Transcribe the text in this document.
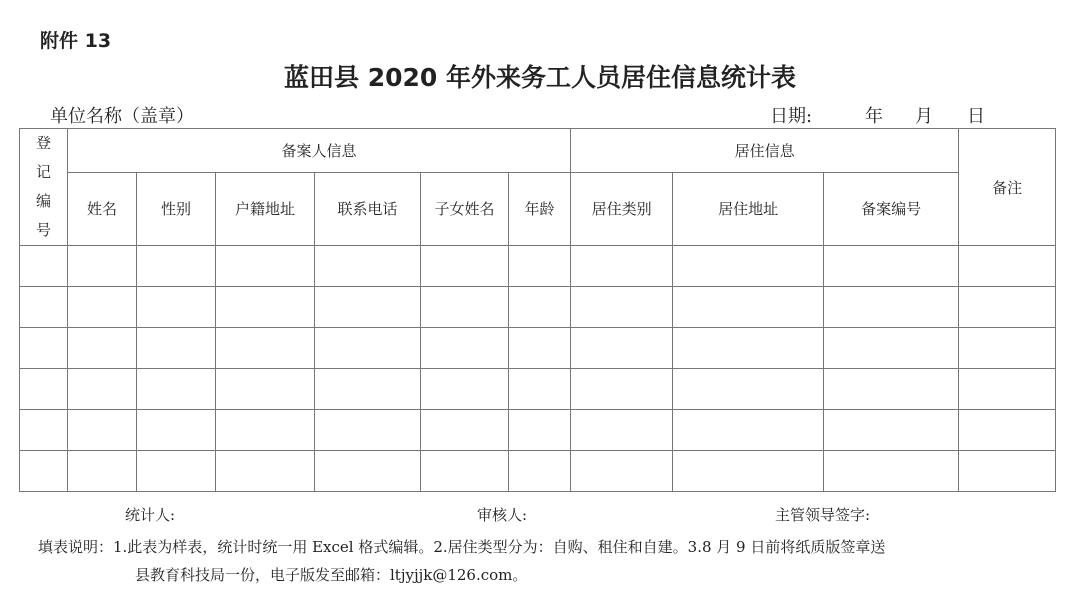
附件 13
蓝田县 2020 年外来务工人员居住信息统计表
单位名称（盖章）	日期:	年 月 日
登
记
编
号	备案人信息						居住信息			备注
	姓名	性别	户籍地址	联系电话	子女姓名	年龄	居住类别	居住地址	备案编号	

统计人:	审核人:	主管领导签字:
填表说明：1.此表为样表，统计时统一用 Excel 格式编辑。2.居住类型分为：自购、租住和自建。3.8 月 9 日前将纸质版签章送
县教育科技局一份，电子版发至邮箱：ltjyjjk@126.com。
